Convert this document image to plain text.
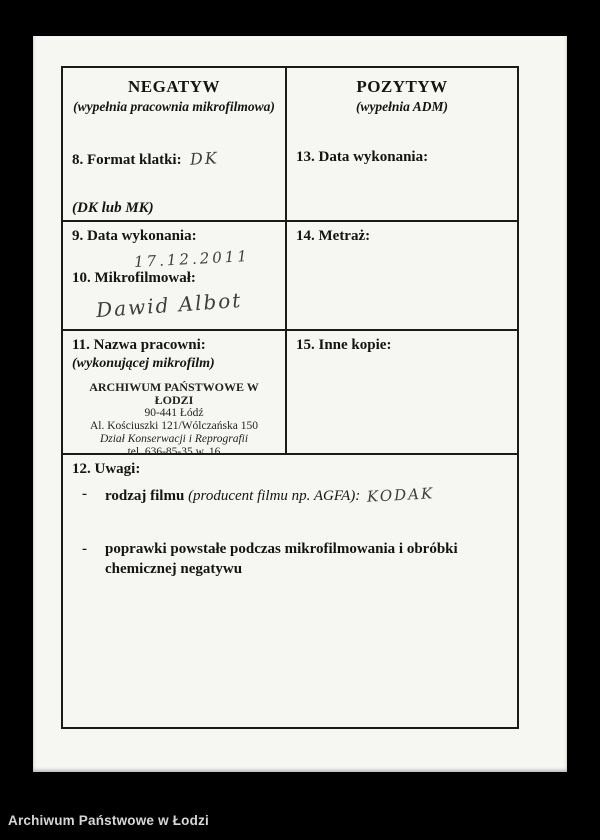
NEGATYW
(wypełnia pracownia mikrofilmowa)
8. Format klatki: DK
(DK lub MK)
POZYTYW
(wypełnia ADM)
13. Data wykonania:
9. Data wykonania:
17.12.2011
10. Mikrofilmował:
Dawid Albot
14. Metraż:
11. Nazwa pracowni:
(wykonującej mikrofilm)
ARCHIWUM PAŃSTWOWE W ŁODZI
90-441 Łódź
Al. Kościuszki 121/Wólczańska 150
Dział Konserwacji i Reprografii
tel. 636-85-35 w. 16
15. Inne kopie:
12. Uwagi:
- rodzaj filmu (producent filmu np. AGFA): KODAK
- poprawki powstałe podczas mikrofilmowania i obróbki chemicznej negatywu
Archiwum Państwowe w Łodzi
